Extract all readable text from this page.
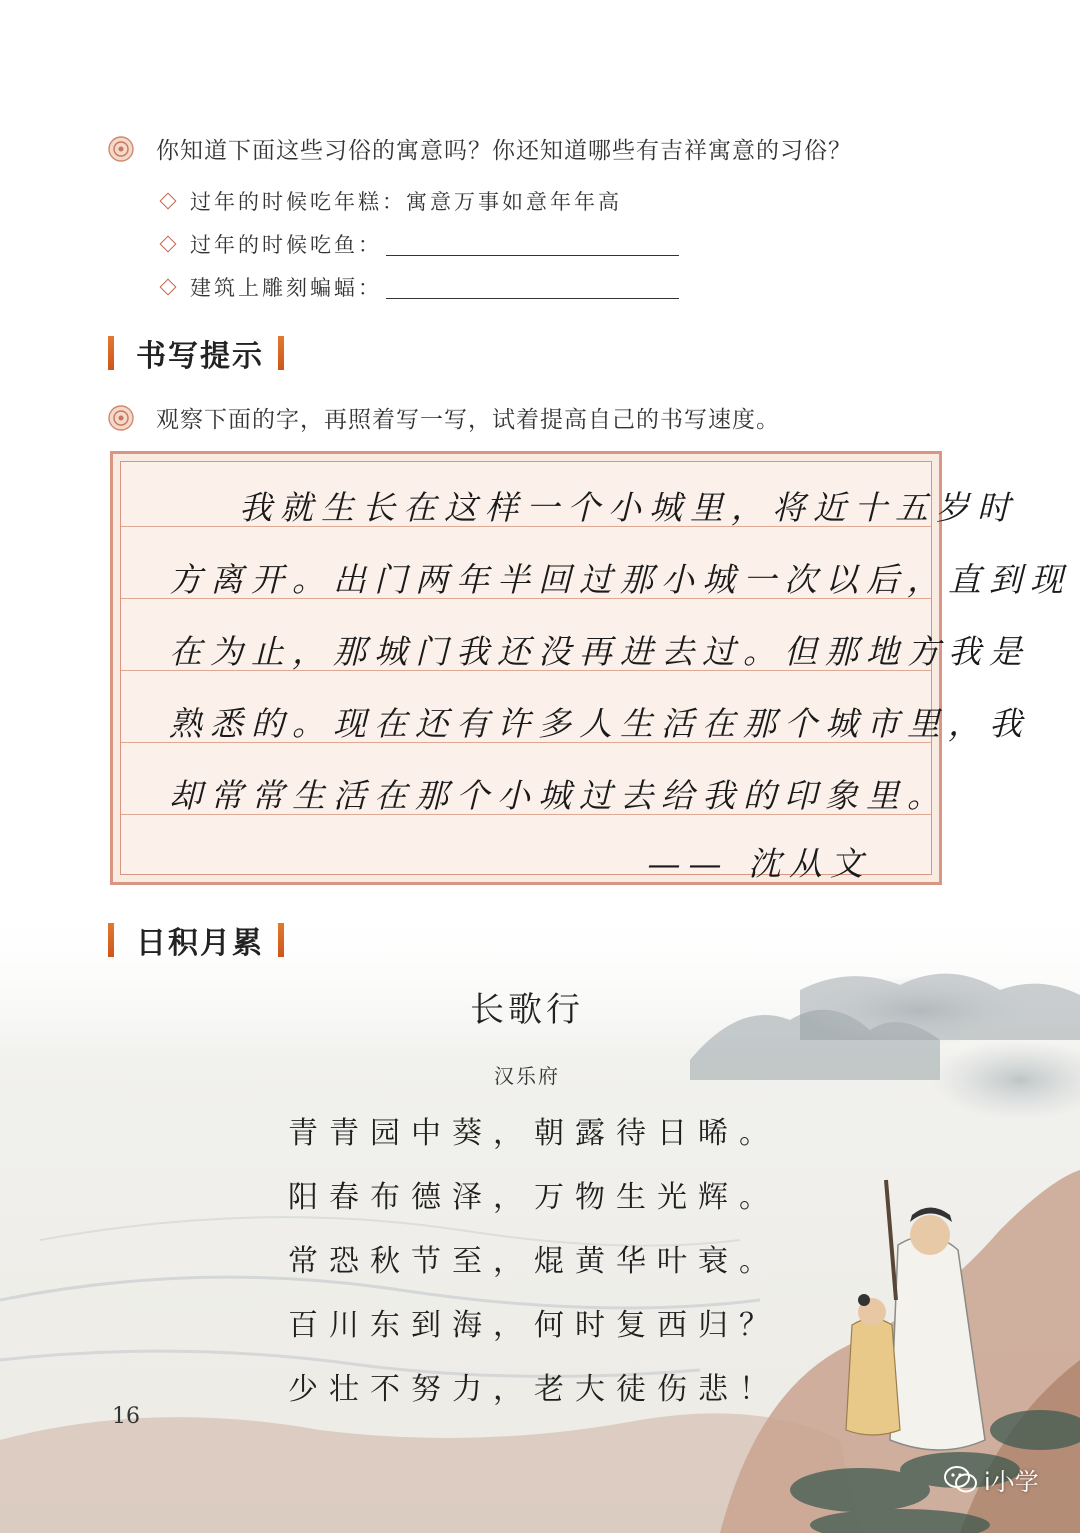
你知道下面这些习俗的寓意吗？你还知道哪些有吉祥寓意的习俗？
过年的时候吃年糕：寓意万事如意年年高
过年的时候吃鱼：
建筑上雕刻蝙蝠：
书写提示
观察下面的字，再照着写一写，试着提高自己的书写速度。
我就生长在这样一个小城里，将近十五岁时
方离开。出门两年半回过那小城一次以后，直到现
在为止，那城门我还没再进去过。但那地方我是
熟悉的。现在还有许多人生活在那个城市里，我
却常常生活在那个小城过去给我的印象里。
—— 沈从文
日积月累
长歌行
汉乐府
青青园中葵，朝露待日晞。
阳春布德泽，万物生光辉。
常恐秋节至，焜黄华叶衰。
百川东到海，何时复西归？
少壮不努力，老大徒伤悲！
16
i小学
